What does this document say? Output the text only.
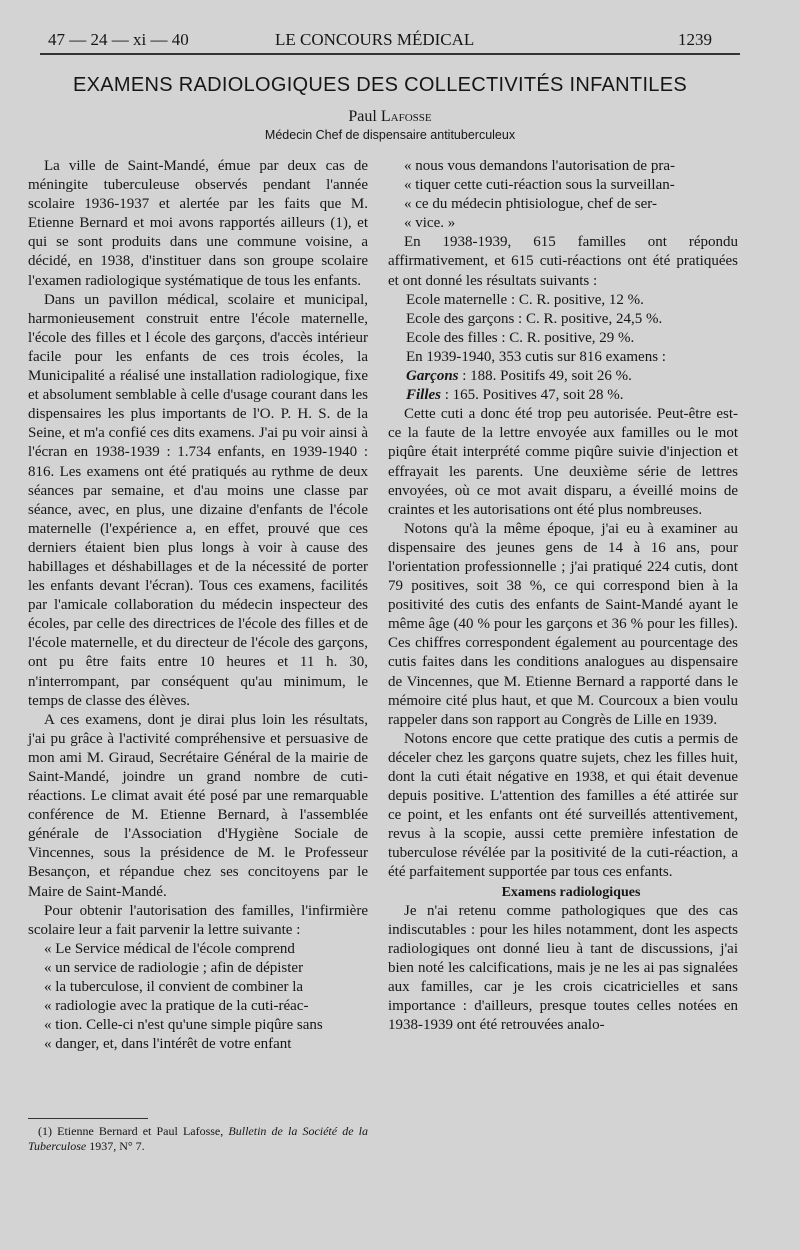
47 — 24 — xi — 40	LE CONCOURS MÉDICAL	1239
EXAMENS RADIOLOGIQUES DES COLLECTIVITÉS INFANTILES
Paul Lafosse
Médecin Chef de dispensaire antituberculeux

La ville de Saint-Mandé, émue par deux cas de méningite tuberculeuse observés pendant l'année scolaire 1936-1937 et alertée par les faits que M. Etienne Bernard et moi avons rapportés ailleurs (1), et qui se sont produits dans une commune voisine, a décidé, en 1938, d'instituer dans son groupe scolaire l'examen radiologique systématique de tous les enfants.

Dans un pavillon médical, scolaire et municipal, harmonieusement construit entre l'école maternelle, l'école des filles et l école des garçons, d'accès intérieur facile pour les enfants de ces trois écoles, la Municipalité a réalisé une installation radiologique, fixe et absolument semblable à celle d'usage courant dans les dispensaires les plus importants de l'O. P. H. S. de la Seine, et m'a confié ces dits examens. J'ai pu voir ainsi à l'écran en 1938-1939 : 1.734 enfants, en 1939-1940 : 816. Les examens ont été pratiqués au rythme de deux séances par semaine, et d'au moins une classe par séance, avec, en plus, une dizaine d'enfants de l'école maternelle (l'expérience a, en effet, prouvé que ces derniers étaient bien plus longs à voir à cause des habillages et déshabillages et de la nécessité de porter les enfants devant l'écran). Tous ces examens, facilités par l'amicale collaboration du médecin inspecteur des écoles, par celle des directrices de l'école des filles et de l'école maternelle, et du directeur de l'école des garçons, ont pu être faits entre 10 heures et 11 h. 30, n'interrompant, par conséquent qu'au minimum, le temps de classe des élèves.

A ces examens, dont je dirai plus loin les résultats, j'ai pu grâce à l'activité compréhensive et persuasive de mon ami M. Giraud, Secrétaire Général de la mairie de Saint-Mandé, joindre un grand nombre de cuti-réactions. Le climat avait été posé par une remarquable conférence de M. Etienne Bernard, à l'assemblée générale de l'Association d'Hygiène Sociale de Vincennes, sous la présidence de M. le Professeur Besançon, et répandue chez ses concitoyens par le Maire de Saint-Mandé.

Pour obtenir l'autorisation des familles, l'infirmière scolaire leur a fait parvenir la lettre suivante :

« Le Service médical de l'école comprend

« un service de radiologie ; afin de dépister

« la tuberculose, il convient de combiner la

« radiologie avec la pratique de la cuti-réac-

« tion. Celle-ci n'est qu'une simple piqûre sans

« danger, et, dans l'intérêt de votre enfant

(1) Etienne Bernard et Paul Lafosse, Bulletin de la Société de la Tuberculose 1937, N° 7.

« nous vous demandons l'autorisation de pra-

« tiquer cette cuti-réaction sous la surveillan-

« ce du médecin phtisiologue, chef de ser-

« vice. »

En 1938-1939, 615 familles ont répondu affirmativement, et 615 cuti-réactions ont été pratiquées et ont donné les résultats suivants :

Ecole maternelle : C. R. positive, 12 %.

Ecole des garçons : C. R. positive, 24,5 %.

Ecole des filles : C. R. positive, 29 %.

En 1939-1940, 353 cutis sur 816 examens :

Garçons : 188. Positifs 49, soit 26 %.

Filles : 165. Positives 47, soit 28 %.

Cette cuti a donc été trop peu autorisée. Peut-être est-ce la faute de la lettre envoyée aux familles ou le mot piqûre était interprété comme piqûre suivie d'injection et effrayait les parents. Une deuxième série de lettres envoyées, où ce mot avait disparu, a éveillé moins de craintes et les autorisations ont été plus nombreuses.

Notons qu'à la même époque, j'ai eu à examiner au dispensaire des jeunes gens de 14 à 16 ans, pour l'orientation professionnelle ; j'ai pratiqué 224 cutis, dont 79 positives, soit 38 %, ce qui correspond bien à la positivité des cutis des enfants de Saint-Mandé ayant le même âge (40 % pour les garçons et 36 % pour les filles). Ces chiffres correspondent également au pourcentage des cutis faites dans les conditions analogues au dispensaire de Vincennes, que M. Etienne Bernard a rapporté dans le mémoire cité plus haut, et que M. Courcoux a bien voulu rappeler dans son rapport au Congrès de Lille en 1939.

Notons encore que cette pratique des cutis a permis de déceler chez les garçons quatre sujets, chez les filles huit, dont la cuti était négative en 1938, et qui était devenue depuis positive. L'attention des familles a été attirée sur ce point, et les enfants ont été surveillés attentivement, revus à la scopie, aussi cette première infestation de tuberculose révélée par la positivité de la cuti-réaction, a été parfaitement supportée par tous ces enfants.

Examens radiologiques

Je n'ai retenu comme pathologiques que des cas indiscutables : pour les hiles notamment, dont les aspects radiologiques ont donné lieu à tant de discussions, j'ai bien noté les calcifications, mais je ne les ai pas signalées aux familles, car je les crois cicatricielles et sans importance : d'ailleurs, presque toutes celles notées en 1938-1939 ont été retrouvées analo-
